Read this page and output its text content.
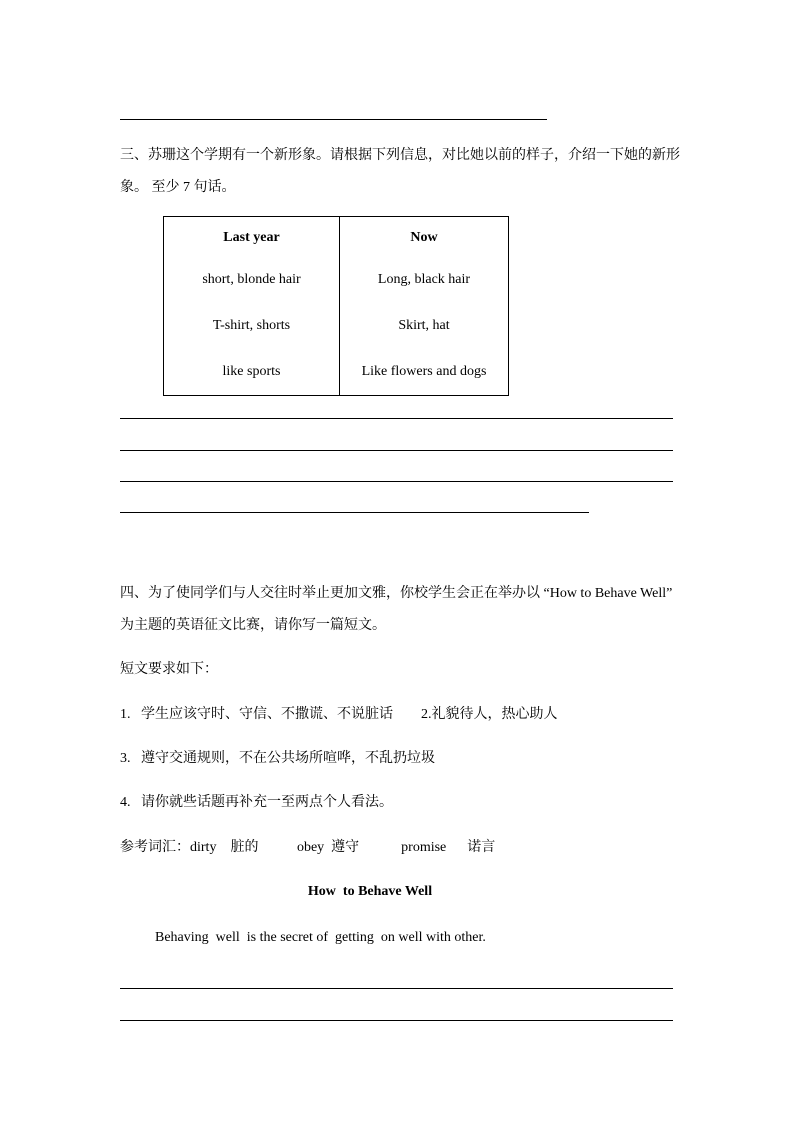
三、苏珊这个学期有一个新形象。请根据下列信息，对比她以前的样子，介绍一下她的新形
象。 至少 7 句话。
Last year	Now
short, blonde hair	Long, black hair
T-shirt, shorts	Skirt, hat
like sports	Like flowers and dogs
四、为了使同学们与人交往时举止更加文雅，你校学生会正在举办以 “How to Behave Well”
为主题的英语征文比赛，请你写一篇短文。
短文要求如下：
1.   学生应该守时、守信、不撒谎、不说脏话        2.礼貌待人，热心助人
3.   遵守交通规则，不在公共场所喧哗，不乱扔垃圾
4.   请你就些话题再补充一至两点个人看法。
参考词汇：dirty    脏的           obey  遵守            promise      诺言
How  to Behave Well
Behaving  well  is the secret of  getting  on well with other.
